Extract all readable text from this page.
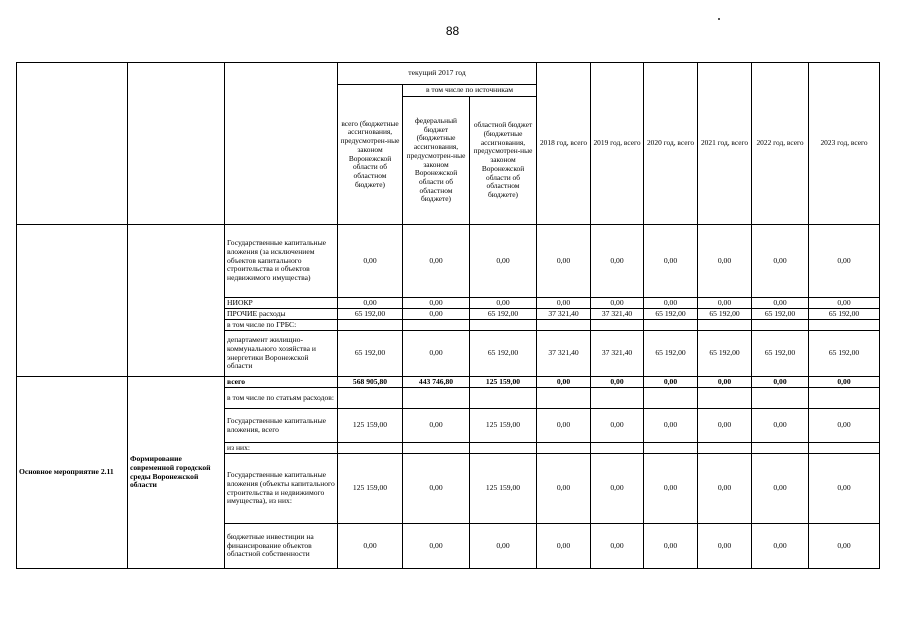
88
			текущий 2017 год			2018 год, всего	2019 год, всего	2020 год, всего	2021 год, всего	2022 год, всего	2023 год, всего
			всего (бюджетные ассигнования, предусмотрен-ные законом Воронежской области об областном бюджете)	в том числе по источникам							
				федеральный бюджет (бюджетные ассигнования, предусмотрен-ные законом Воронежской области об областном бюджете)	областной бюджет (бюджетные ассигнования, предусмотрен-ные законом Воронежской области об областном бюджете)						
		Государственные капитальные вложения (за исключением объектов капитального строительства и объектов недвижимого имущества)	0,00	0,00	0,00	0,00	0,00	0,00	0,00	0,00	0,00
		НИОКР	0,00	0,00	0,00	0,00	0,00	0,00	0,00	0,00	0,00
		ПРОЧИЕ расходы	65 192,00	0,00	65 192,00	37 321,40	37 321,40	65 192,00	65 192,00	65 192,00	65 192,00
		в том числе по ГРБС:									
		департамент жилищно-коммунального хозяйства и энергетики Воронежской области	65 192,00	0,00	65 192,00	37 321,40	37 321,40	65 192,00	65 192,00	65 192,00	65 192,00
Основное мероприятие 2.11	Формирование современной городской среды Воронежской области	всего	568 905,80	443 746,80	125 159,00	0,00	0,00	0,00	0,00	0,00	0,00
		в том числе по статьям расходов:									
		Государственные капитальные вложения, всего	125 159,00	0,00	125 159,00	0,00	0,00	0,00	0,00	0,00	0,00
		из них:									
		Государственные капитальные вложения (объекты капитального строительства и недвижимого имущества), из них:	125 159,00	0,00	125 159,00	0,00	0,00	0,00	0,00	0,00	0,00
		бюджетные инвестиции на финансирование объектов областной собственности	0,00	0,00	0,00	0,00	0,00	0,00	0,00	0,00	0,00
